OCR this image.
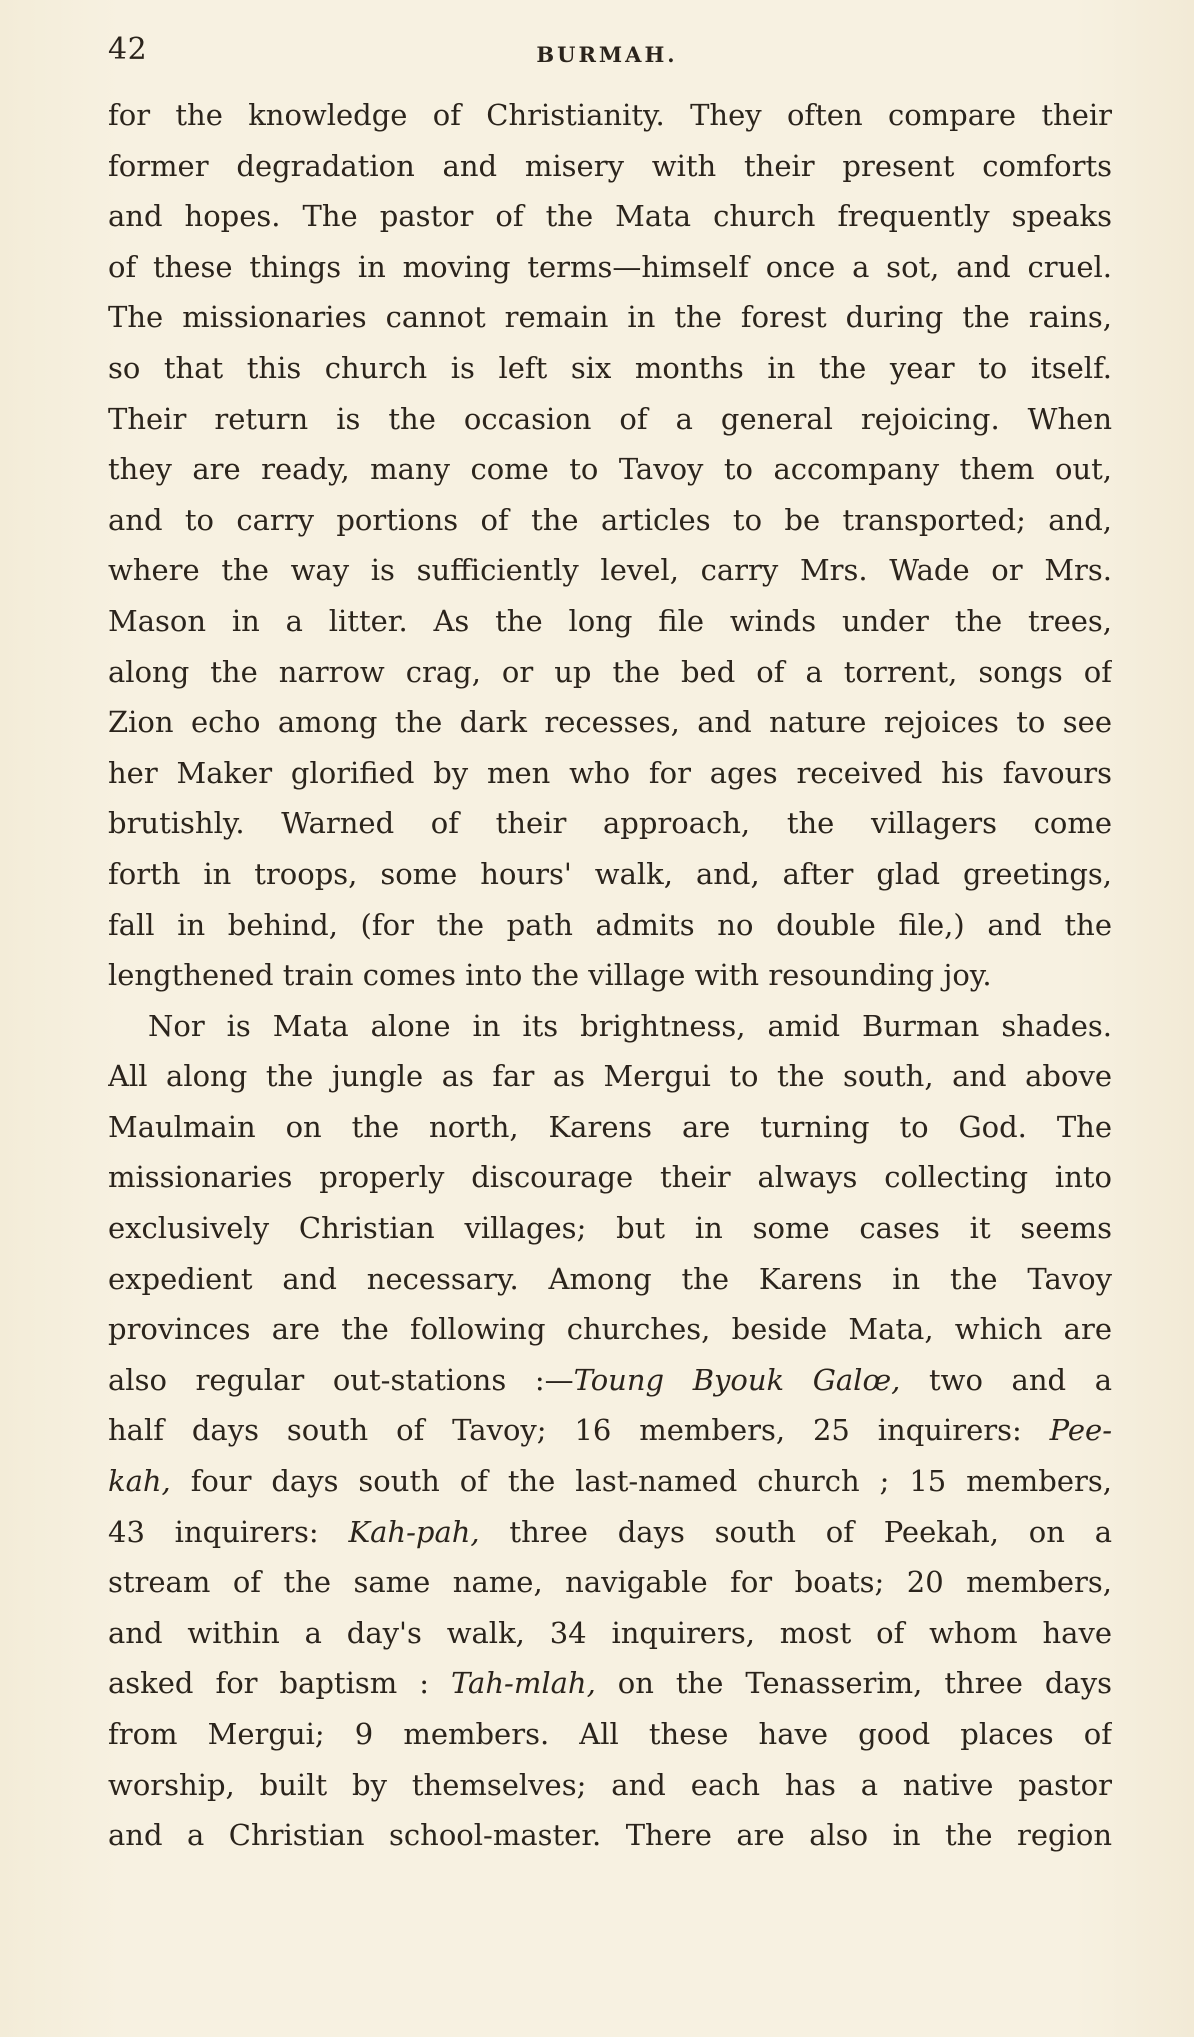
42	BURMAH.
for the knowledge of Christianity. They often compare their
former degradation and misery with their present comforts
and hopes. The pastor of the Mata church frequently speaks
of these things in moving terms—himself once a sot, and cruel.
The missionaries cannot remain in the forest during the rains,
so that this church is left six months in the year to itself.
Their return is the occasion of a general rejoicing. When
they are ready, many come to Tavoy to accompany them out,
and to carry portions of the articles to be transported; and,
where the way is sufficiently level, carry Mrs. Wade or Mrs.
Mason in a litter. As the long file winds under the trees,
along the narrow crag, or up the bed of a torrent, songs of
Zion echo among the dark recesses, and nature rejoices to see
her Maker glorified by men who for ages received his favours
brutishly. Warned of their approach, the villagers come
forth in troops, some hours' walk, and, after glad greetings,
fall in behind, (for the path admits no double file,) and the
lengthened train comes into the village with resounding joy.
Nor is Mata alone in its brightness, amid Burman shades.
All along the jungle as far as Mergui to the south, and above
Maulmain on the north, Karens are turning to God. The
missionaries properly discourage their always collecting into
exclusively Christian villages; but in some cases it seems
expedient and necessary. Among the Karens in the Tavoy
provinces are the following churches, beside Mata, which are
also regular out-stations :—Toung Byouk Galœ, two and a
half days south of Tavoy; 16 members, 25 inquirers: Pee-
kah, four days south of the last-named church ; 15 members,
43 inquirers: Kah-pah, three days south of Peekah, on a
stream of the same name, navigable for boats; 20 members,
and within a day's walk, 34 inquirers, most of whom have
asked for baptism : Tah-mlah, on the Tenasserim, three days
from Mergui; 9 members. All these have good places of
worship, built by themselves; and each has a native pastor
and a Christian school-master. There are also in the region
